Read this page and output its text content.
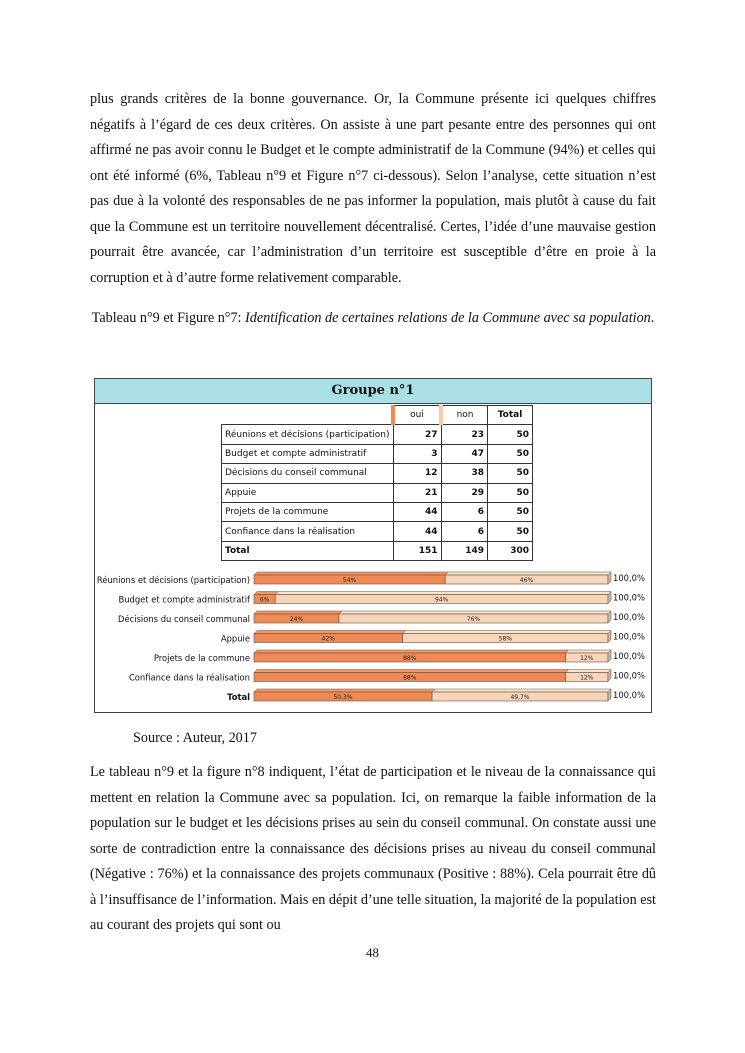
plus grands critères de la bonne gouvernance. Or, la Commune présente ici quelques chiffres négatifs à l’égard de ces deux critères. On assiste à une part pesante entre des personnes qui ont affirmé ne pas avoir connu le Budget et le compte administratif de la Commune (94%) et celles qui ont été informé (6%, Tableau n°9 et Figure n°7 ci-dessous). Selon l’analyse, cette situation n’est pas due à la volonté des responsables de ne pas informer la population, mais plutôt à cause du fait que la Commune est un territoire nouvellement décentralisé. Certes, l’idée d’une mauvaise gestion pourrait être avancée, car l’administration d’un territoire est susceptible d’être en proie à la corruption et à d’autre forme relativement comparable.

Tableau n°9 et Figure n°7: Identification de certaines relations de la Commune avec sa population.

Groupe n°1
	oui	non	Total
Réunions et décisions (participation)	27	23	50
Budget et compte administratif	3	47	50
Décisions du conseil communal	12	38	50
Appuie	21	29	50
Projets de la commune	44	6	50
Confiance dans la réalisation	44	6	50
Total	151	149	300
Réunions et décisions (participation)	54%	46%	100,0%
Budget et compte administratif 6%	94%	100,0%
Décisions du conseil communal	24%	76%	100,0%
Appuie	42%	58%	100,0%
Projets de la commune	88%	12% 100,0%
Confiance dans la réalisation	88%	12% 100,0%
Total	50,3%	49,7%	100,0%

Source : Auteur, 2017

Le tableau n°9 et la figure n°8 indiquent, l’état de participation et le niveau de la connaissance qui mettent en relation la Commune avec sa population. Ici, on remarque la faible information de la population sur le budget et les décisions prises au sein du conseil communal. On constate aussi une sorte de contradiction entre la connaissance des décisions prises au niveau du conseil communal (Négative : 76%) et la connaissance des projets communaux (Positive : 88%). Cela pourrait être dû à l’insuffisance de l’information. Mais en dépit d’une telle situation, la majorité de la population est au courant des projets qui sont ou

48
